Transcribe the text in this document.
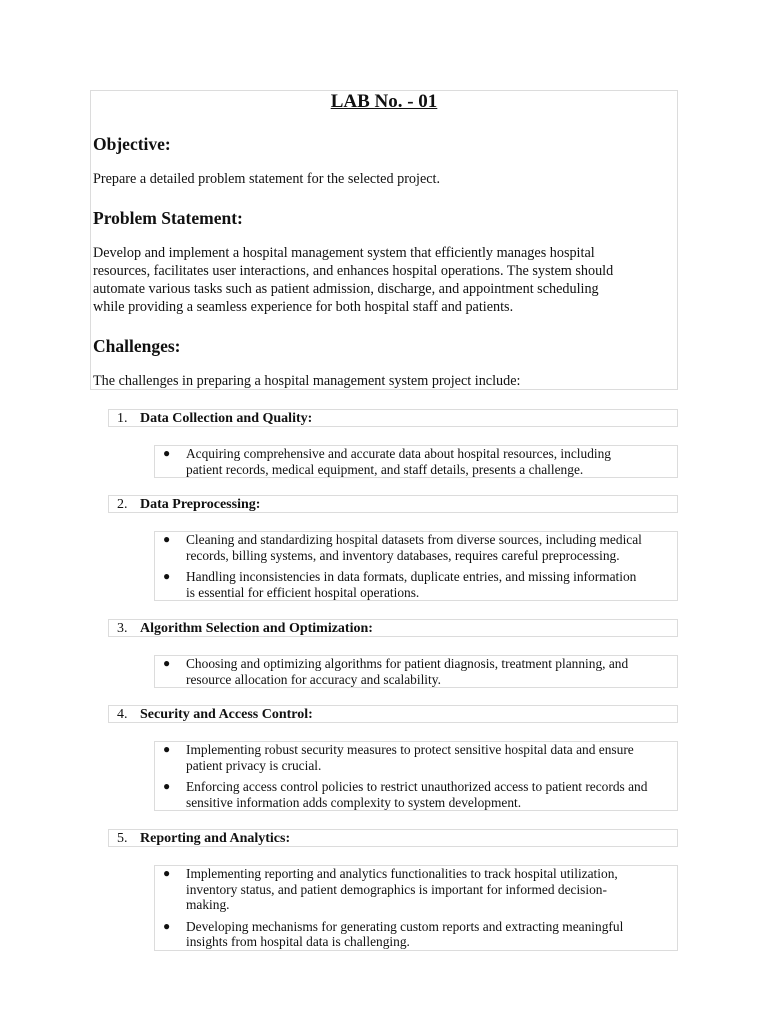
LAB No. - 01
Objective:
Prepare a detailed problem statement for the selected project.
Problem Statement:
Develop and implement a hospital management system that efficiently manages hospital
resources, facilitates user interactions, and enhances hospital operations. The system should
automate various tasks such as patient admission, discharge, and appointment scheduling
while providing a seamless experience for both hospital staff and patients.
Challenges:
The challenges in preparing a hospital management system project include:
1. Data Collection and Quality:
● Acquiring comprehensive and accurate data about hospital resources, including
patient records, medical equipment, and staff details, presents a challenge.
2. Data Preprocessing:
● Cleaning and standardizing hospital datasets from diverse sources, including medical
records, billing systems, and inventory databases, requires careful preprocessing.
● Handling inconsistencies in data formats, duplicate entries, and missing information
is essential for efficient hospital operations.
3. Algorithm Selection and Optimization:
● Choosing and optimizing algorithms for patient diagnosis, treatment planning, and
resource allocation for accuracy and scalability.
4. Security and Access Control:
● Implementing robust security measures to protect sensitive hospital data and ensure
patient privacy is crucial.
● Enforcing access control policies to restrict unauthorized access to patient records and
sensitive information adds complexity to system development.
5. Reporting and Analytics:
● Implementing reporting and analytics functionalities to track hospital utilization,
inventory status, and patient demographics is important for informed decision-
making.
● Developing mechanisms for generating custom reports and extracting meaningful
insights from hospital data is challenging.
